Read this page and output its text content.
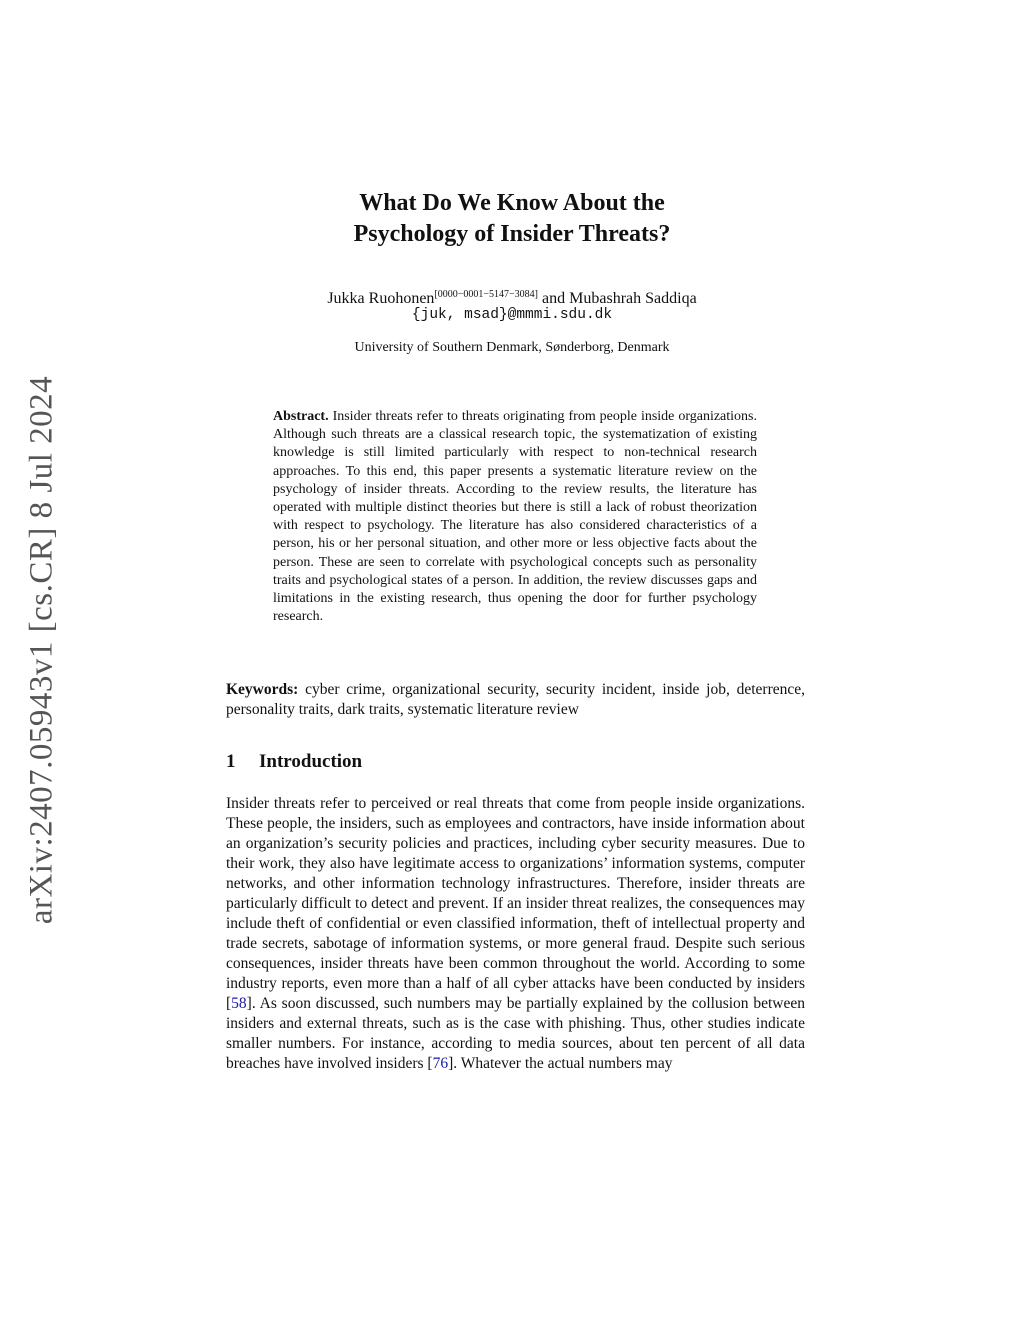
arXiv:2407.05943v1 [cs.CR] 8 Jul 2024
What Do We Know About the
Psychology of Insider Threats?
Jukka Ruohonen[0000−0001−5147−3084] and Mubashrah Saddiqa
{juk, msad}@mmmi.sdu.dk
University of Southern Denmark, Sønderborg, Denmark
Abstract. Insider threats refer to threats originating from people inside organizations. Although such threats are a classical research topic, the systematization of existing knowledge is still limited particularly with respect to non-technical research approaches. To this end, this paper presents a systematic literature review on the psychology of insider threats. According to the review results, the literature has operated with multiple distinct theories but there is still a lack of robust theorization with respect to psychology. The literature has also considered characteristics of a person, his or her personal situation, and other more or less objective facts about the person. These are seen to correlate with psychological concepts such as personality traits and psychological states of a person. In addition, the review discusses gaps and limitations in the existing research, thus opening the door for further psychology research.
Keywords: cyber crime, organizational security, security incident, inside job, deterrence, personality traits, dark traits, systematic literature review
1 Introduction
Insider threats refer to perceived or real threats that come from people inside organizations. These people, the insiders, such as employees and contractors, have inside information about an organization’s security policies and practices, including cyber security measures. Due to their work, they also have legitimate access to organizations’ information systems, computer networks, and other information technology infrastructures. Therefore, insider threats are particularly difficult to detect and prevent. If an insider threat realizes, the consequences may include theft of confidential or even classified information, theft of intellectual property and trade secrets, sabotage of information systems, or more general fraud. Despite such serious consequences, insider threats have been common throughout the world. According to some industry reports, even more than a half of all cyber attacks have been conducted by insiders [58]. As soon discussed, such numbers may be partially explained by the collusion between insiders and external threats, such as is the case with phishing. Thus, other studies indicate smaller numbers. For instance, according to media sources, about ten percent of all data breaches have involved insiders [76]. Whatever the actual numbers may
